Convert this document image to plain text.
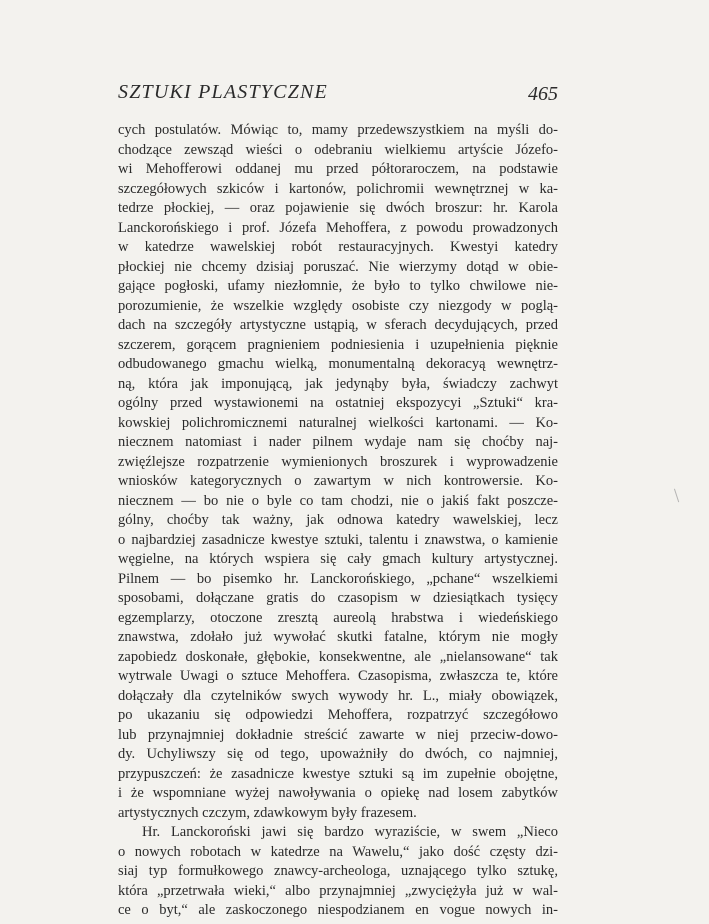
SZTUKI PLASTYCZNE	465
cych postulatów. Mówiąc to, mamy przedewszystkiem na myśli do-
chodzące zewsząd wieści o odebraniu wielkiemu artyście Józefo-
wi Mehofferowi oddanej mu przed półtoraroczem, na podstawie
szczegółowych szkiców i kartonów, polichromii wewnętrznej w ka-
tedrze płockiej, — oraz pojawienie się dwóch broszur: hr. Karola
Lanckorońskiego i prof. Józefa Mehoffera, z powodu prowadzonych
w katedrze wawelskiej robót restauracyjnych. Kwestyi katedry
płockiej nie chcemy dzisiaj poruszać. Nie wierzymy dotąd w obie-
gające pogłoski, ufamy niezłomnie, że było to tylko chwilowe nie-
porozumienie, że wszelkie względy osobiste czy niezgody w poglą-
dach na szczegóły artystyczne ustąpią, w sferach decydujących, przed
szczerem, gorącem pragnieniem podniesienia i uzupełnienia pięknie
odbudowanego gmachu wielką, monumentalną dekoracyą wewnętrz-
ną, która jak imponującą, jak jedynąby była, świadczy zachwyt
ogólny przed wystawionemi na ostatniej ekspozycyi „Sztuki“ kra-
kowskiej polichromicznemi naturalnej wielkości kartonami. — Ko-
niecznem natomiast i nader pilnem wydaje nam się choćby naj-
zwięźlejsze rozpatrzenie wymienionych broszurek i wyprowadzenie
wniosków kategorycznych o zawartym w nich kontrowersie. Ko-
niecznem — bo nie o byle co tam chodzi, nie o jakiś fakt poszcze-
gólny, choćby tak ważny, jak odnowa katedry wawelskiej, lecz
o najbardziej zasadnicze kwestye sztuki, talentu i znawstwa, o kamienie
węgielne, na których wspiera się cały gmach kultury artystycznej.
Pilnem — bo pisemko hr. Lanckorońskiego, „pchane“ wszelkiemi
sposobami, dołączane gratis do czasopism w dziesiątkach tysięcy
egzemplarzy, otoczone zresztą aureolą hrabstwa i wiedeńskiego
znawstwa, zdołało już wywołać skutki fatalne, którym nie mogły
zapobiedz doskonałe, głębokie, konsekwentne, ale „nielansowane“ tak
wytrwale Uwagi o sztuce Mehoffera. Czasopisma, zwłaszcza te, które
dołączały dla czytelników swych wywody hr. L., miały obowiązek,
po ukazaniu się odpowiedzi Mehoffera, rozpatrzyć szczegółowo
lub przynajmniej dokładnie streścić zawarte w niej przeciw-dowo-
dy. Uchyliwszy się od tego, upoważniły do dwóch, co najmniej,
przypuszczeń: że zasadnicze kwestye sztuki są im zupełnie obojętne,
i że wspomniane wyżej nawoływania o opiekę nad losem zabytków
artystycznych czczym, zdawkowym były frazesem.
Hr. Lanckoroński jawi się bardzo wyraziście, w swem „Nieco
o nowych robotach w katedrze na Wawelu,“ jako dość częsty dzi-
siaj typ formułkowego znawcy-archeologa, uznającego tylko sztukę,
która „przetrwała wieki,“ albo przynajmniej „zwyciężyła już w wal-
ce o byt,“ ale zaskoczonego niespodzianem en vogue nowych in-
